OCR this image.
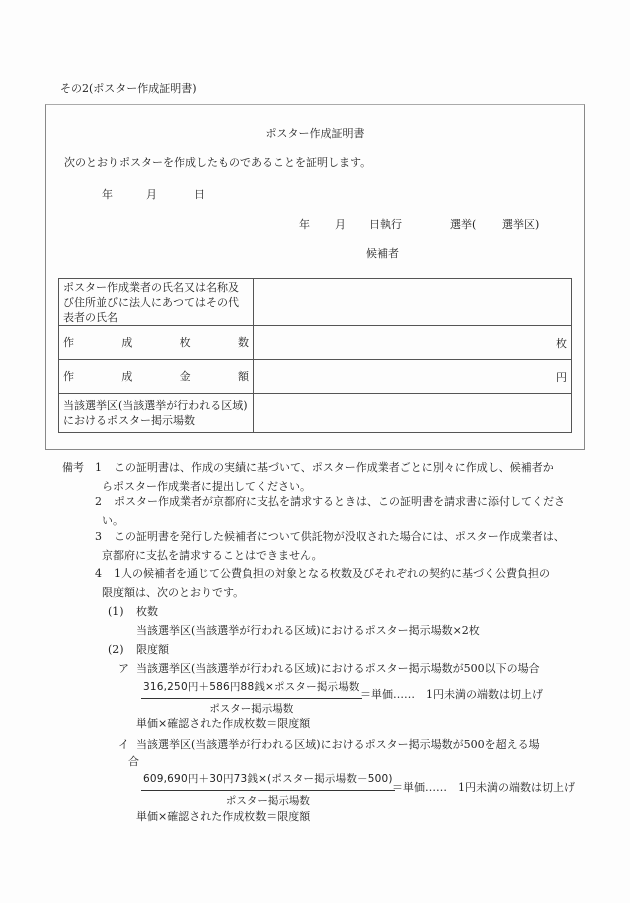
その2(ポスター作成証明書)
ポスター作成証明書
次のとおりポスターを作成したものであることを証明します。
年	月	日
年 月 日執行	選挙( 選挙区)
候補者
ポスター作成業者の氏名又は名称及び住所並びに法人にあつてはその代表者の氏名	

作 成 枚 数	枚

作 成 金 額	円
当該選挙区(当該選挙が行われる区域)におけるポスター掲示場数	
備考 1 この証明書は、作成の実績に基づいて、ポスター作成業者ごとに別々に作成し、候補者か
らポスター作成業者に提出してください。
2 ポスター作成業者が京都府に支払を請求するときは、この証明書を請求書に添付してくださ
い。
3 この証明書を発行した候補者について供託物が没収された場合には、ポスター作成業者は、
京都府に支払を請求することはできません。
4 1人の候補者を通じて公費負担の対象となる枚数及びそれぞれの契約に基づく公費負担の
限度額は、次のとおりです。
(1) 枚数
当該選挙区(当該選挙が行われる区域)におけるポスター掲示場数×2枚
(2) 限度額
ア 当該選挙区(当該選挙が行われる区域)におけるポスター掲示場数が500以下の場合
316,250円＋586円88銭×ポスター掲示場数
ポスター掲示場数
＝単価……　1円未満の端数は切上げ
単価×確認された作成枚数＝限度額
イ 当該選挙区(当該選挙が行われる区域)におけるポスター掲示場数が500を超える場
合
609,690円＋30円73銭×(ポスター掲示場数－500)
ポスター掲示場数
＝単価……　1円未満の端数は切上げ
単価×確認された作成枚数＝限度額
